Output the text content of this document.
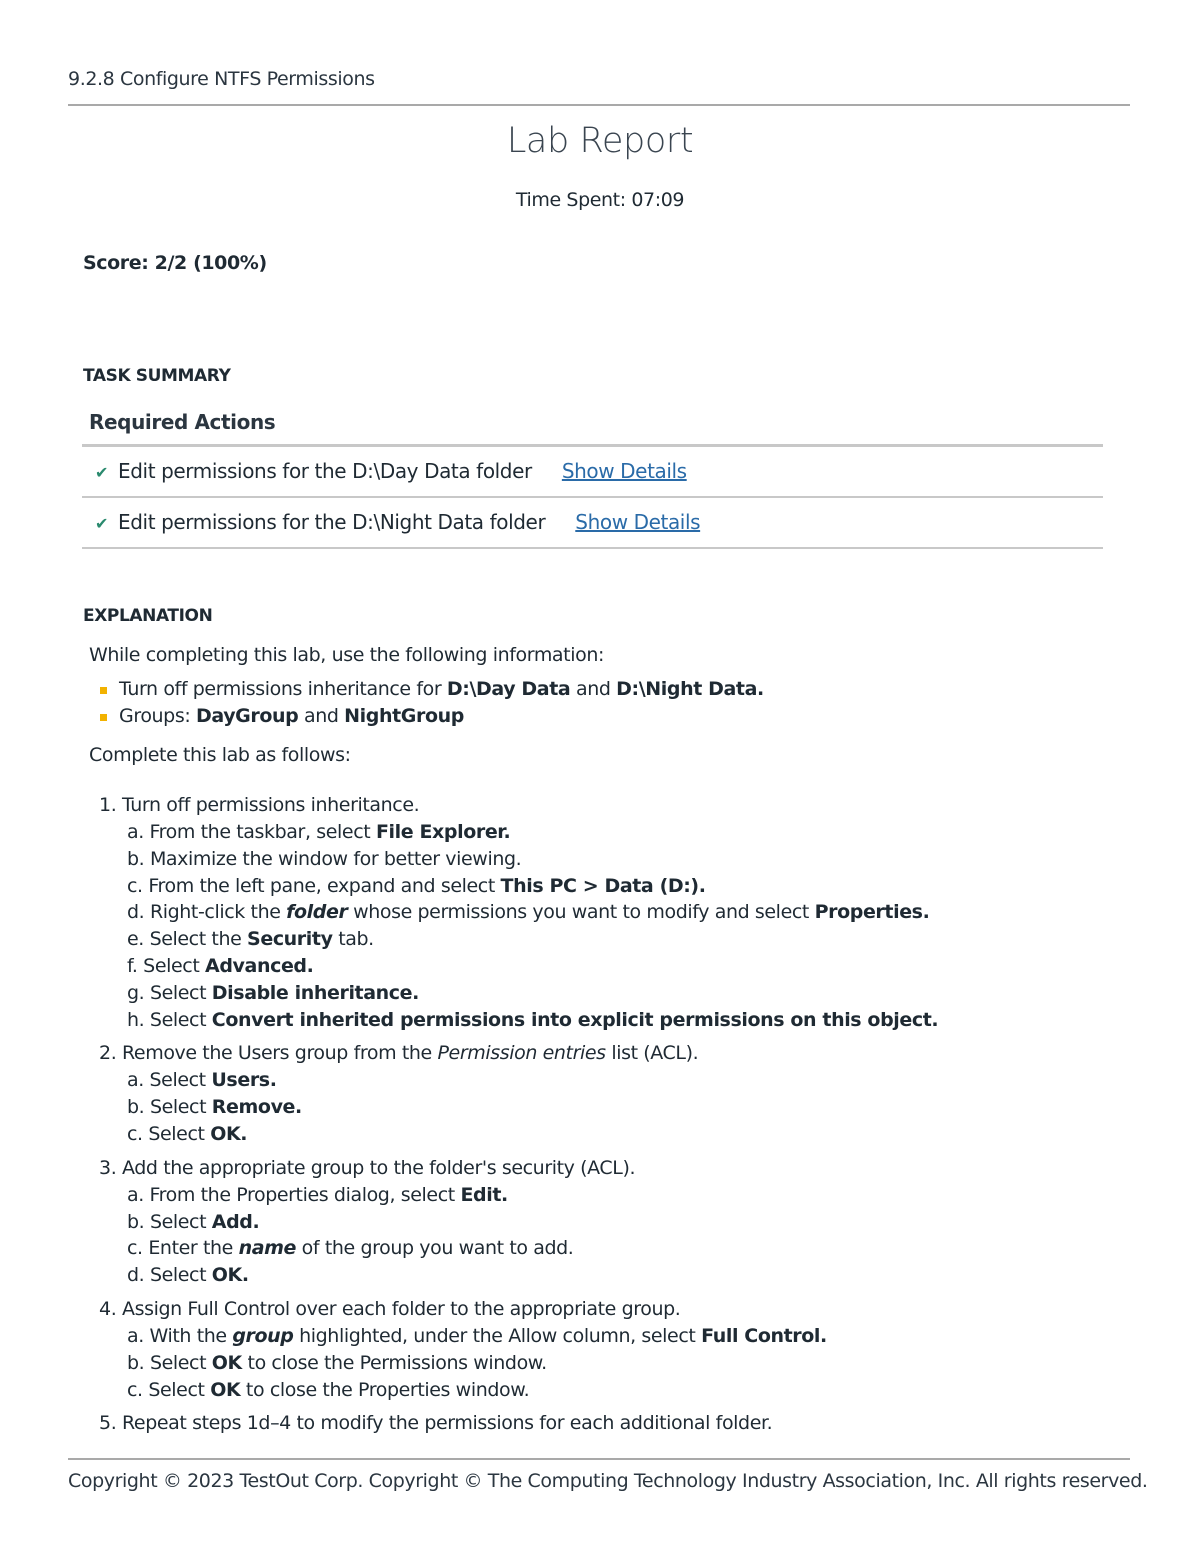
9.2.8 Configure NTFS Permissions
Lab Report
Time Spent: 07:09
Score: 2/2 (100%)
TASK SUMMARY
Required Actions
✔ Edit permissions for the D:\Day Data folder Show Details
✔ Edit permissions for the D:\Night Data folder Show Details
EXPLANATION

While completing this lab, use the following information:

Turn off permissions inheritance for D:\Day Data and D:\Night Data.
Groups: DayGroup and NightGroup

Complete this lab as follows:

1. Turn off permissions inheritance.
a. From the taskbar, select File Explorer.
b. Maximize the window for better viewing.
c. From the left pane, expand and select This PC > Data (D:).
d. Right-click the folder whose permissions you want to modify and select Properties.
e. Select the Security tab.
f. Select Advanced.
g. Select Disable inheritance.
h. Select Convert inherited permissions into explicit permissions on this object.
2. Remove the Users group from the Permission entries list (ACL).
a. Select Users.
b. Select Remove.
c. Select OK.
3. Add the appropriate group to the folder's security (ACL).
a. From the Properties dialog, select Edit.
b. Select Add.
c. Enter the name of the group you want to add.
d. Select OK.
4. Assign Full Control over each folder to the appropriate group.
a. With the group highlighted, under the Allow column, select Full Control.
b. Select OK to close the Permissions window.
c. Select OK to close the Properties window.
5. Repeat steps 1d–4 to modify the permissions for each additional folder.
Copyright © 2023 TestOut Corp. Copyright © The Computing Technology Industry Association, Inc. All rights reserved.
